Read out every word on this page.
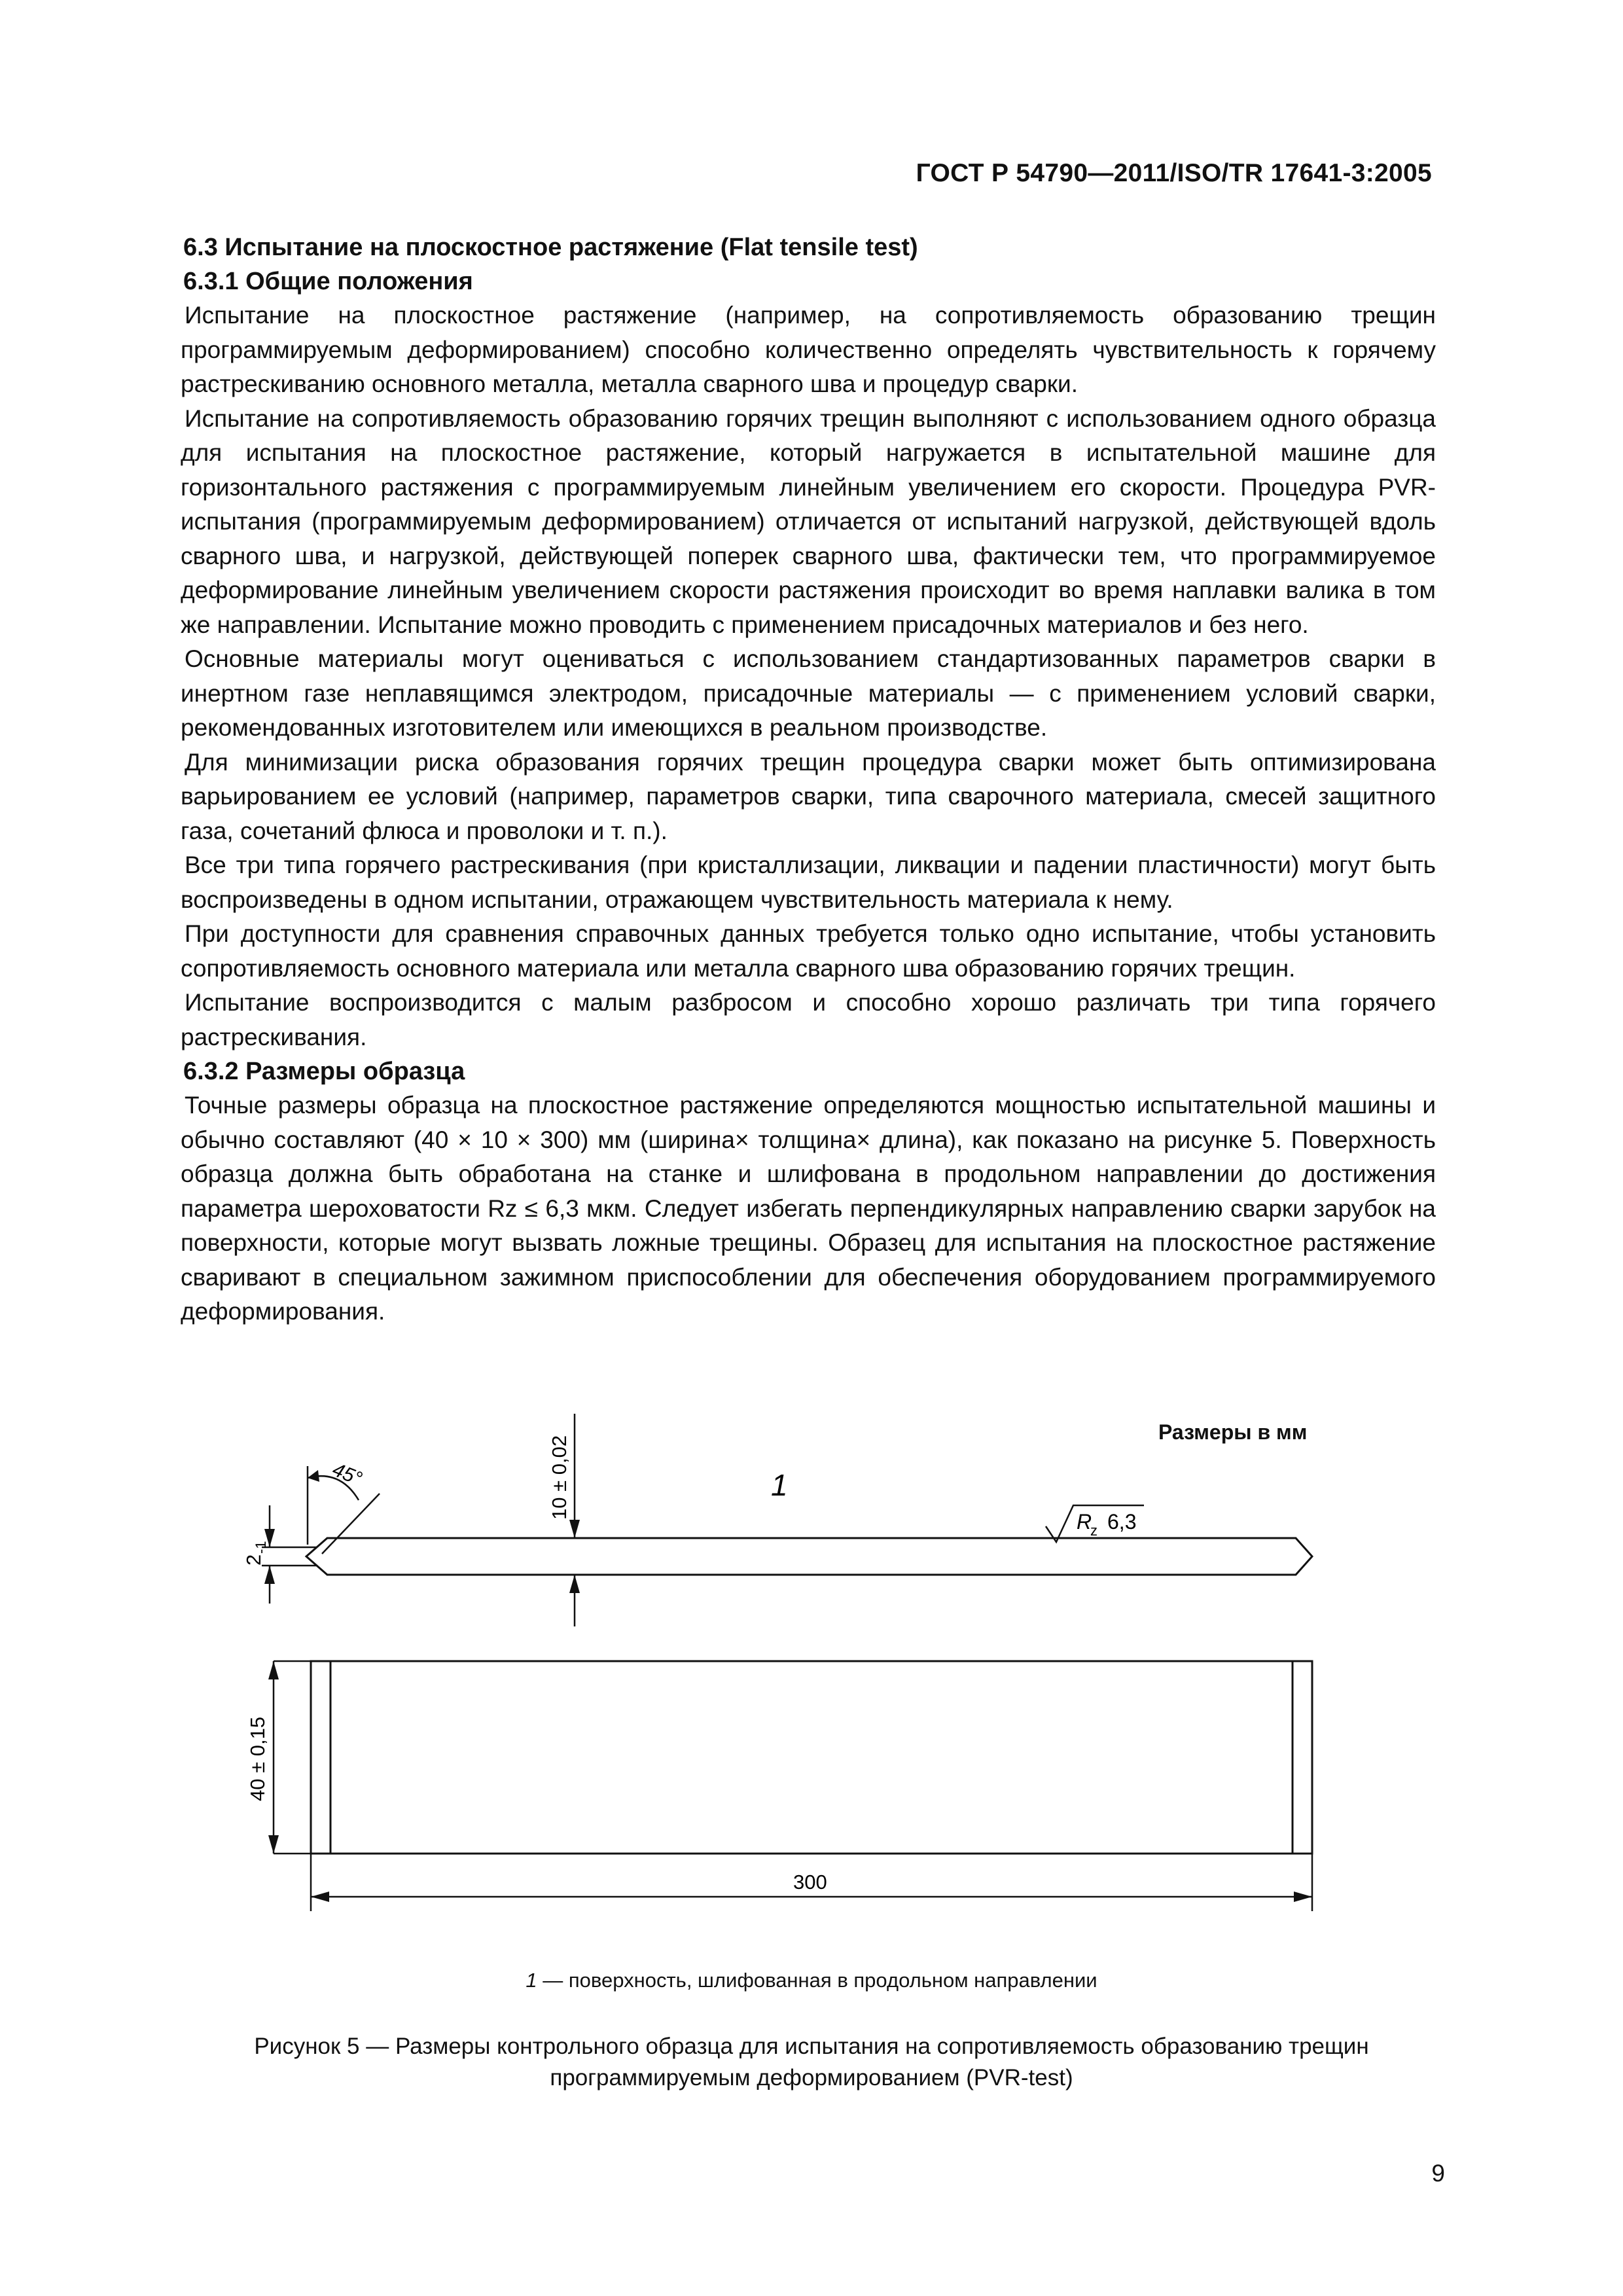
ГОСТ Р 54790—2011/ISO/TR 17641-3:2005
6.3 Испытание на плоскостное растяжение (Flat tensile test)
6.3.1 Общие положения

Испытание на плоскостное растяжение (например, на сопротивляемость образованию трещин программируемым деформированием) способно количественно определять чувствительность к горячему растрескиванию основного металла, металла сварного шва и процедур сварки.

Испытание на сопротивляемость образованию горячих трещин выполняют с использованием одного образца для испытания на плоскостное растяжение, который нагружается в испытательной машине для горизонтального растяжения с программируемым линейным увеличением его скорости. Процедура PVR-испытания (программируемым деформированием) отличается от испытаний нагрузкой, действующей вдоль сварного шва, и нагрузкой, действующей поперек сварного шва, фактически тем, что программируемое деформирование линейным увеличением скорости растяжения происходит во время наплавки валика в том же направлении. Испытание можно проводить с применением присадочных материалов и без него.

Основные материалы могут оцениваться с использованием стандартизованных параметров сварки в инертном газе неплавящимся электродом, присадочные материалы — с применением условий сварки, рекомендованных изготовителем или имеющихся в реальном производстве.

Для минимизации риска образования горячих трещин процедура сварки может быть оптимизирована варьированием ее условий (например, параметров сварки, типа сварочного материала, смесей защитного газа, сочетаний флюса и проволоки и т. п.).

Все три типа горячего растрескивания (при кристаллизации, ликвации и падении пластичности) могут быть воспроизведены в одном испытании, отражающем чувствительность материала к нему.

При доступности для сравнения справочных данных требуется только одно испытание, чтобы установить сопротивляемость основного материала или металла сварного шва образованию горячих трещин.

Испытание воспроизводится с малым разбросом и способно хорошо различать три типа горячего растрескивания.

6.3.2 Размеры образца

Точные размеры образца на плоскостное растяжение определяются мощностью испытательной машины и обычно составляют (40 × 10 × 300) мм (ширина× толщина× длина), как показано на рисунке 5. Поверхность образца должна быть обработана на станке и шлифована в продольном направлении до достижения параметра шероховатости Rz ≤ 6,3 мкм. Следует избегать перпендикулярных направлению сварки зарубок на поверхности, которые могут вызвать ложные трещины. Образец для испытания на плоскостное растяжение сваривают в специальном зажимном приспособлении для обеспечения оборудованием программируемого деформирования.

Размеры в мм
45°
2
-1
10 ± 0,02	1
R
z 6,3
40 ± 0,15
300
1 — поверхность, шлифованная в продольном направлении
Рисунок 5 — Размеры контрольного образца для испытания на сопротивляемость образованию трещин
программируемым деформированием (PVR-test)
9
